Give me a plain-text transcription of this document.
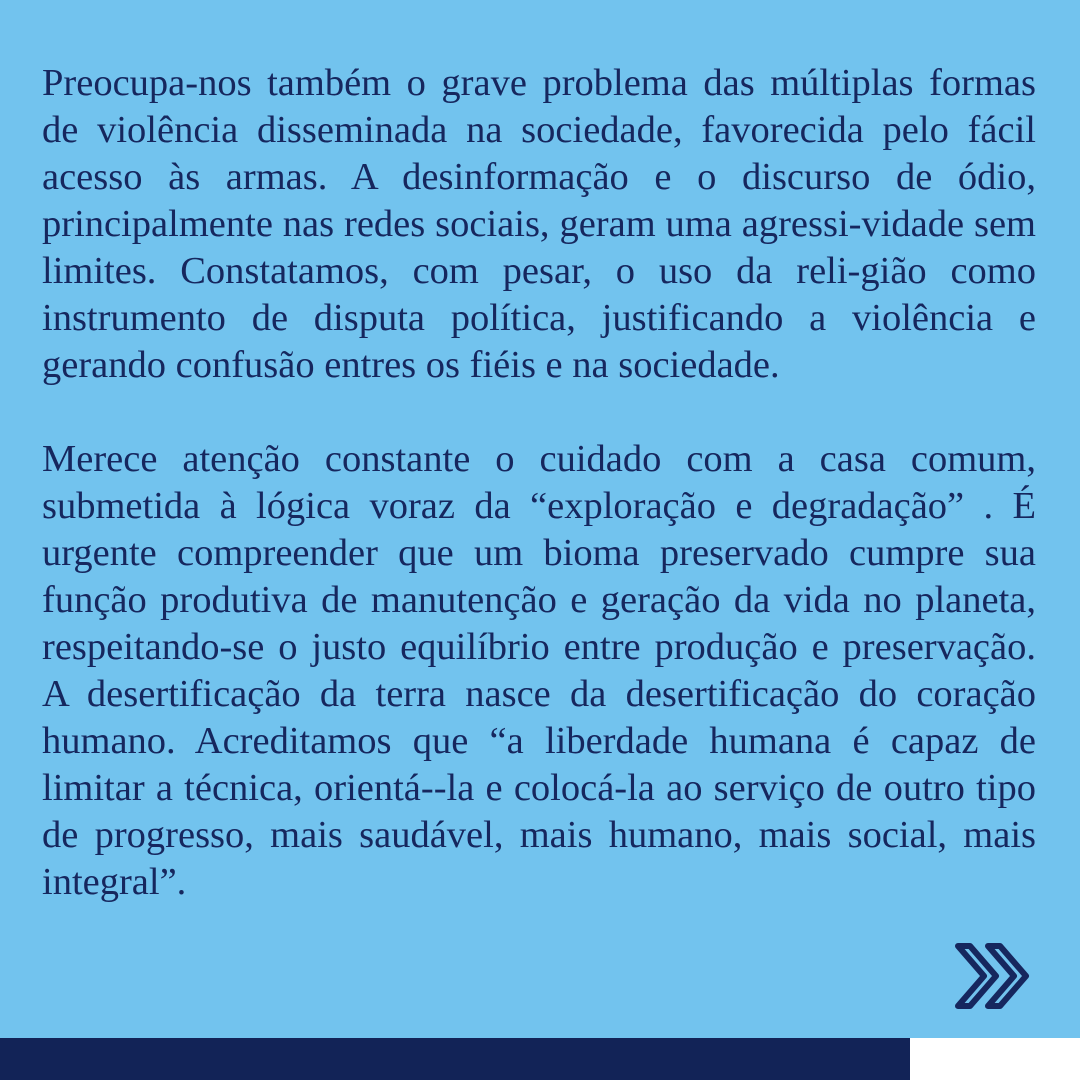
Preocupa-nos também o grave problema das múltiplas formas de violência disseminada na sociedade, favorecida pelo fácil acesso às armas. A desinformação e o discurso de ódio, principalmente nas redes sociais, geram uma agressi-vidade sem limites. Constatamos, com pesar, o uso da reli-gião como instrumento de disputa política, justificando a violência e gerando confusão entres os fiéis e na sociedade.

Merece atenção constante o cuidado com a casa comum, submetida à lógica voraz da “exploração e degradação” . É urgente compreender que um bioma preservado cumpre sua função produtiva de manutenção e geração da vida no planeta, respeitando-se o justo equilíbrio entre produção e preservação. A desertificação da terra nasce da desertificação do coração humano. Acreditamos que “a liberdade humana é capaz de limitar a técnica, orientá--la e colocá-la ao serviço de outro tipo de progresso, mais saudável, mais humano, mais social, mais integral”.
